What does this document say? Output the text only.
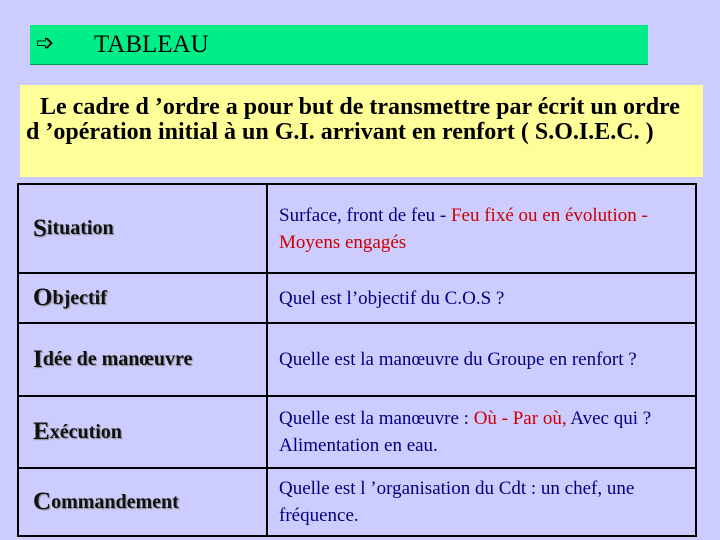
➩ TABLEAU

Le cadre d ’ordre a pour but de transmettre par écrit un ordre d ’opération initial à un G.I. arrivant en renfort ( S.O.I.E.C. )

S ituation
Surface, front de feu - Feu fixé ou en évolution - Moyens engagés
O bjectif	Quel est l’objectif du C.O.S ?
I dée de manœuvre	Quelle est la manœuvre du Groupe en renfort ?
E xécution
Quelle est la manœuvre : Où - Par où, Avec qui ? Alimentation en eau.
C ommandement
Quelle est l ’organisation du Cdt : un chef, une fréquence.
